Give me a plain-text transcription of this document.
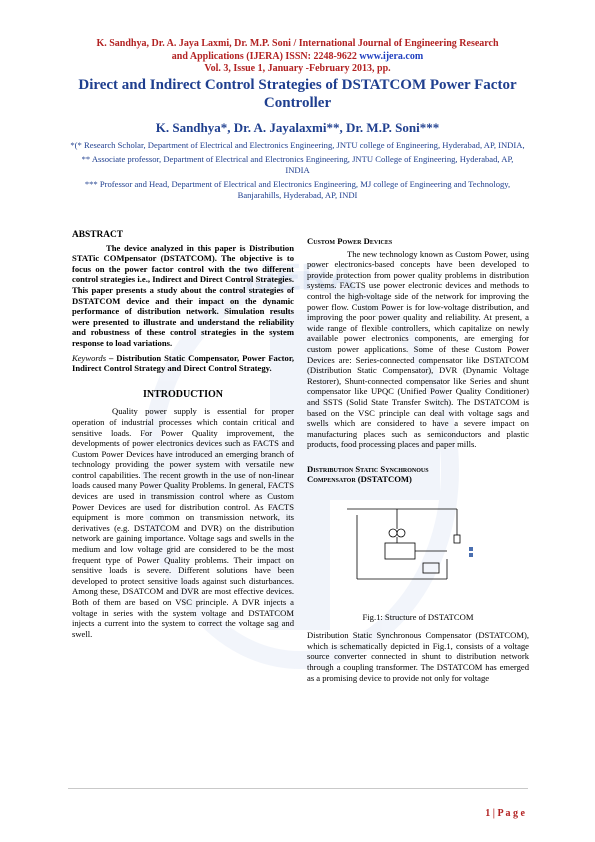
K. Sandhya, Dr. A. Jaya Laxmi, Dr. M.P. Soni / International Journal of Engineering Research
and Applications (IJERA) ISSN: 2248-9622 www.ijera.com
Vol. 3, Issue 1, January -February 2013, pp.
Direct and Indirect Control Strategies of DSTATCOM Power Factor Controller
K. Sandhya*, Dr. A. Jayalaxmi**, Dr. M.P. Soni***

*(* Research Scholar, Department of Electrical and Electronics Engineering, JNTU college of Engineering, Hyderabad, AP, INDIA,

** Associate professor, Department of Electrical and Electronics Engineering, JNTU College of Engineering, Hyderabad, AP, INDIA

*** Professor and Head, Department of Electrical and Electronics Engineering, MJ college of Engineering and Technology, Banjarahills, Hyderabad, AP, INDI

IJERA
ABSTRACT

The device analyzed in this paper is Distribution STATic COMpensator (DSTATCOM). The objective is to focus on the power factor control with the two different control strategies i.e., Indirect and Direct Control Strategies. This paper presents a study about the control strategies of DSTATCOM device and their impact on the dynamic performance of distribution network. Simulation results were presented to illustrate and understand the reliability and robustness of these control strategies in the system response to load variations.

Keywords – Distribution Static Compensator, Power Factor, Indirect Control Strategy and Direct Control Strategy.

INTRODUCTION

Quality power supply is essential for proper operation of industrial processes which contain critical and sensitive loads. For Power Quality improvement, the developments of power electronics devices such as FACTS and Custom Power Devices have introduced an emerging branch of technology providing the power system with versatile new control capabilities. The recent growth in the use of non-linear loads caused many Power Quality Problems. In general, FACTS devices are used in transmission control where as Custom Power Devices are used for distribution control. As FACTS equipment is more common on transmission network, its derivatives (e.g. DSTATCOM and DVR) on the distribution network are gaining importance. Voltage sags and swells in the medium and low voltage grid are considered to be the most frequent type of Power Quality problems. Their impact on sensitive loads is severe. Different solutions have been developed to protect sensitive loads against such disturbances. Among these, DSATCOM and DVR are most effective devices. Both of them are based on VSC principle. A DVR injects a voltage in series with the system voltage and DSTATCOM injects a current into the system to correct the voltage sag and swell.

Custom Power Devices

The new technology known as Custom Power, using power electronics-based concepts have been developed to provide protection from power quality problems in distribution systems. FACTS use power electronic devices and methods to control the high-voltage side of the network for improving the power flow. Custom Power is for low-voltage distribution, and improving the poor power quality and reliability. At present, a wide range of flexible controllers, which capitalize on newly available power electronics components, are emerging for custom power applications. Some of these Custom Power Devices are: Series-connected compensator like DSTATCOM (Distribution Static Compensator), DVR (Dynamic Voltage Restorer), Shunt-connected compensator like Series and shunt compensator like UPQC (Unified Power Quality Conditioner) and SSTS (Solid State Transfer Switch). The DSTATCOM is based on the VSC principle can deal with voltage sags and swells which are considered to have a severe impact on manufacturing places such as semiconductors and plastic products, food processing places and paper mills.

Distribution Static Synchronous
Compensator (DSTATCOM)
Fig.1: Structure of DSTATCOM

Distribution Static Synchronous Compensator (DSTATCOM), which is schematically depicted in Fig.1, consists of a voltage source converter connected in shunt to distribution network through a coupling transformer. The DSTATCOM has emerged as a promising device to provide not only for voltage

1 | P a g e
